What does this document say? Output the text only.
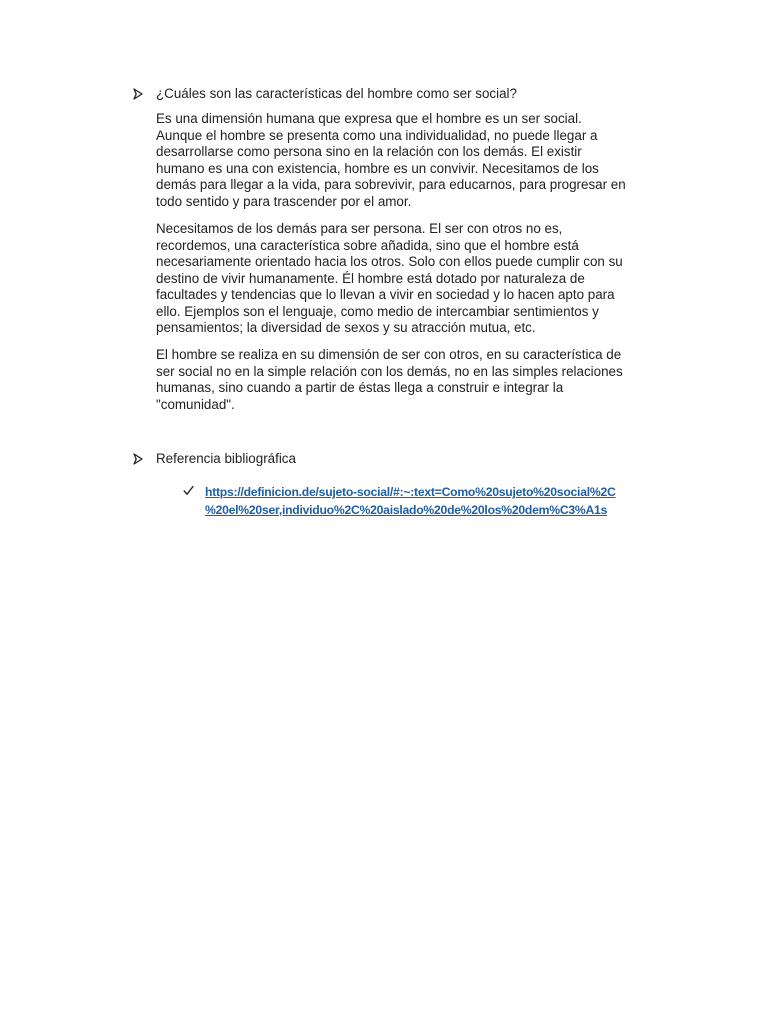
¿Cuáles son las características del hombre como ser social?

Es una dimensión humana que expresa que el hombre es un ser social.
Aunque el hombre se presenta como una individualidad, no puede llegar a
desarrollarse como persona sino en la relación con los demás. El existir
humano es una con existencia, hombre es un convivir. Necesitamos de los
demás para llegar a la vida, para sobrevivir, para educarnos, para progresar en
todo sentido y para trascender por el amor.

Necesitamos de los demás para ser persona. El ser con otros no es,
recordemos, una característica sobre añadida, sino que el hombre está
necesariamente orientado hacia los otros. Solo con ellos puede cumplir con su
destino de vivir humanamente. Él hombre está dotado por naturaleza de
facultades y tendencias que lo llevan a vivir en sociedad y lo hacen apto para
ello. Ejemplos son el lenguaje, como medio de intercambiar sentimientos y
pensamientos; la diversidad de sexos y su atracción mutua, etc.

El hombre se realiza en su dimensión de ser con otros, en su característica de
ser social no en la simple relación con los demás, no en las simples relaciones
humanas, sino cuando a partir de éstas llega a construir e integrar la
"comunidad".

Referencia bibliográfica
https://definicion.de/sujeto-social/#:~:text=Como%20sujeto%20social%2C
%20el%20ser,individuo%2C%20aislado%20de%20los%20dem%C3%A1s
